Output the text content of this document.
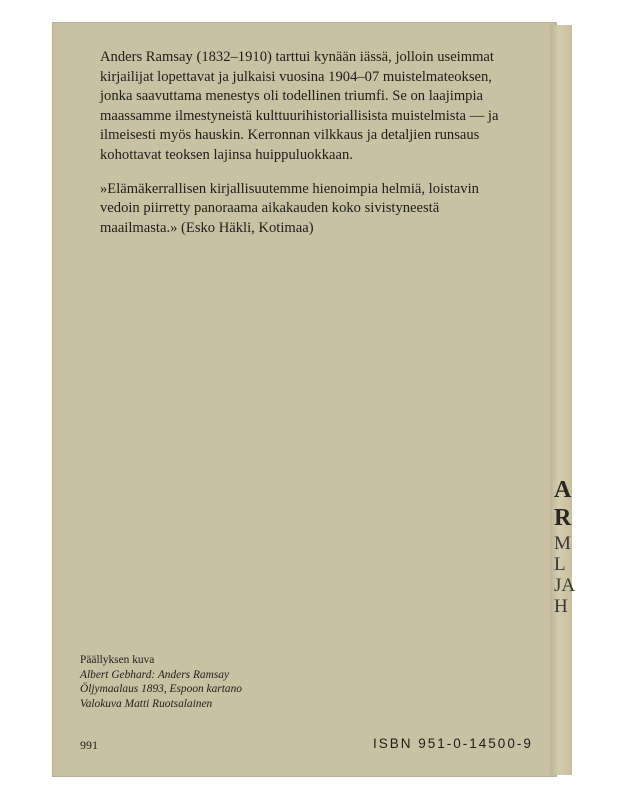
A
R
M
L
JA
H

Anders Ramsay (1832–1910) tarttui kynään iässä, jolloin useimmat kirjailijat lopettavat ja julkaisi vuosina 1904–07 muistelmateoksen, jonka saavuttama menestys oli todellinen triumfi. Se on laajimpia maassamme ilmestyneistä kulttuurihistoriallisista muistelmista — ja ilmeisesti myös hauskin. Kerronnan vilkkaus ja detaljien runsaus kohottavat teoksen lajinsa huippuluokkaan.

»Elämäkerrallisen kirjallisuutemme hienoimpia helmiä, loistavin vedoin piirretty panoraama aikakauden koko sivistyneestä maailmasta.» (Esko Häkli, Kotimaa)

Päällyksen kuva
Albert Gebhard: Anders Ramsay
Öljymaalaus 1893, Espoon kartano
Valokuva Matti Ruotsalainen
991	ISBN 951-0-14500-9
